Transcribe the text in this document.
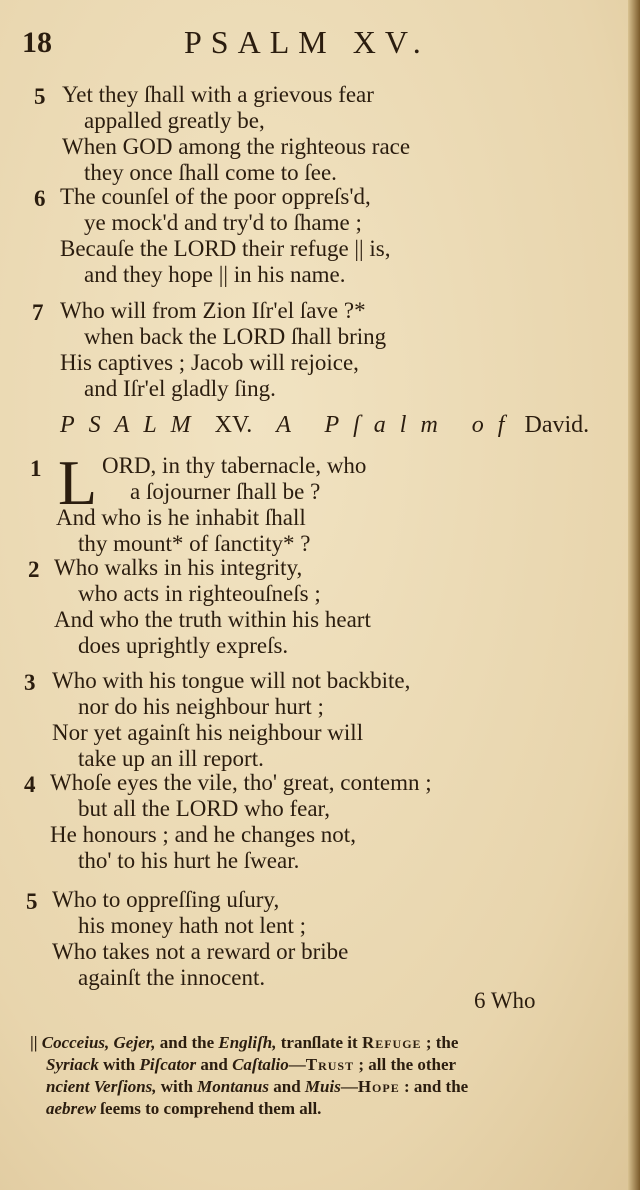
18	PSALM XV.
5 Yet they ſhall with a grievous fear
appalled greatly be,
When GOD among the righteous race
they once ſhall come to ſee.
6 The counſel of the poor oppreſs'd,
ye mock'd and try'd to ſhame ;
Becauſe the LORD their refuge || is,
and they hope || in his name.
7 Who will from Zion Iſr'el ſave ?*
when back the LORD ſhall bring
His captives ; Jacob will rejoice,
and Iſr'el gladly ſing.
PSALM XV. A Pſalm of David.
1 L ORD, in thy tabernacle, who
a ſojourner ſhall be ?
And who is he inhabit ſhall
thy mount* of ſanctity* ?
2 Who walks in his integrity,
who acts in righteouſneſs ;
And who the truth within his heart
does uprightly expreſs.
3 Who with his tongue will not backbite,
nor do his neighbour hurt ;
Nor yet againſt his neighbour will
take up an ill report.
4 Whoſe eyes the vile, tho' great, contemn ;
but all the LORD who fear,
He honours ; and he changes not,
tho' to his hurt he ſwear.
5 Who to oppreſſing uſury,
his money hath not lent ;
Who takes not a reward or bribe
againſt the innocent.
6 Who
|| Cocceius, Gejer, and the Engliſh, tranſlate it Refuge ; the
Syriack with Piſcator and Caſtalio—Trust ; all the other
ncient Verſions, with Montanus and Muis—Hope : and the
aebrew ſeems to comprehend them all.
